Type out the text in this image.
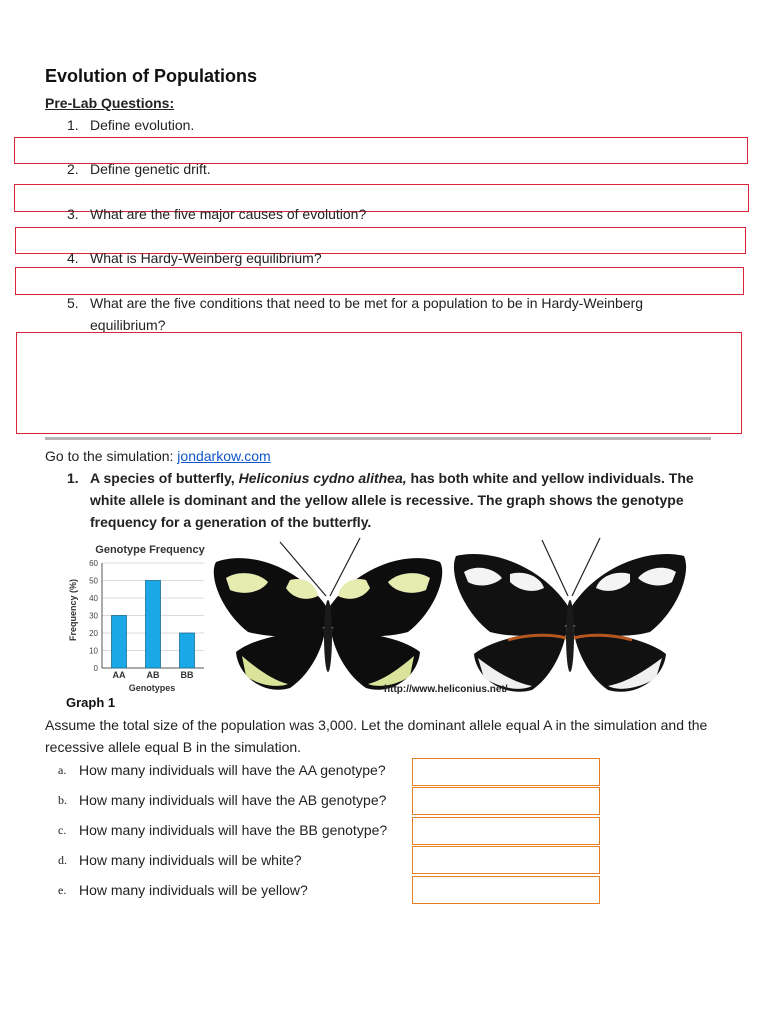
Evolution of Populations
Pre-Lab Questions:
1. Define evolution.
2. Define genetic drift.
3. What are the five major causes of evolution?
4. What is Hardy-Weinberg equilibrium?
5. What are the five conditions that need to be met for a population to be in Hardy-Weinberg equilibrium?
Go to the simulation: jondarkow.com
1. A species of butterfly, Heliconius cydno alithea, has both white and yellow individuals. The white allele is dominant and the yellow allele is recessive. The graph shows the genotype frequency for a generation of the butterfly.
Genotype Frequency
Frequency (%)
Genotypes
0
10
20
30
40
50
60
AA AB BB
http://www.heliconius.net/
Graph 1
Assume the total size of the population was 3,000. Let the dominant allele equal A in the simulation and the recessive allele equal B in the simulation.
a. How many individuals will have the AA genotype?
b. How many individuals will have the AB genotype?
c. How many individuals will have the BB genotype?
d. How many individuals will be white?
e. How many individuals will be yellow?
